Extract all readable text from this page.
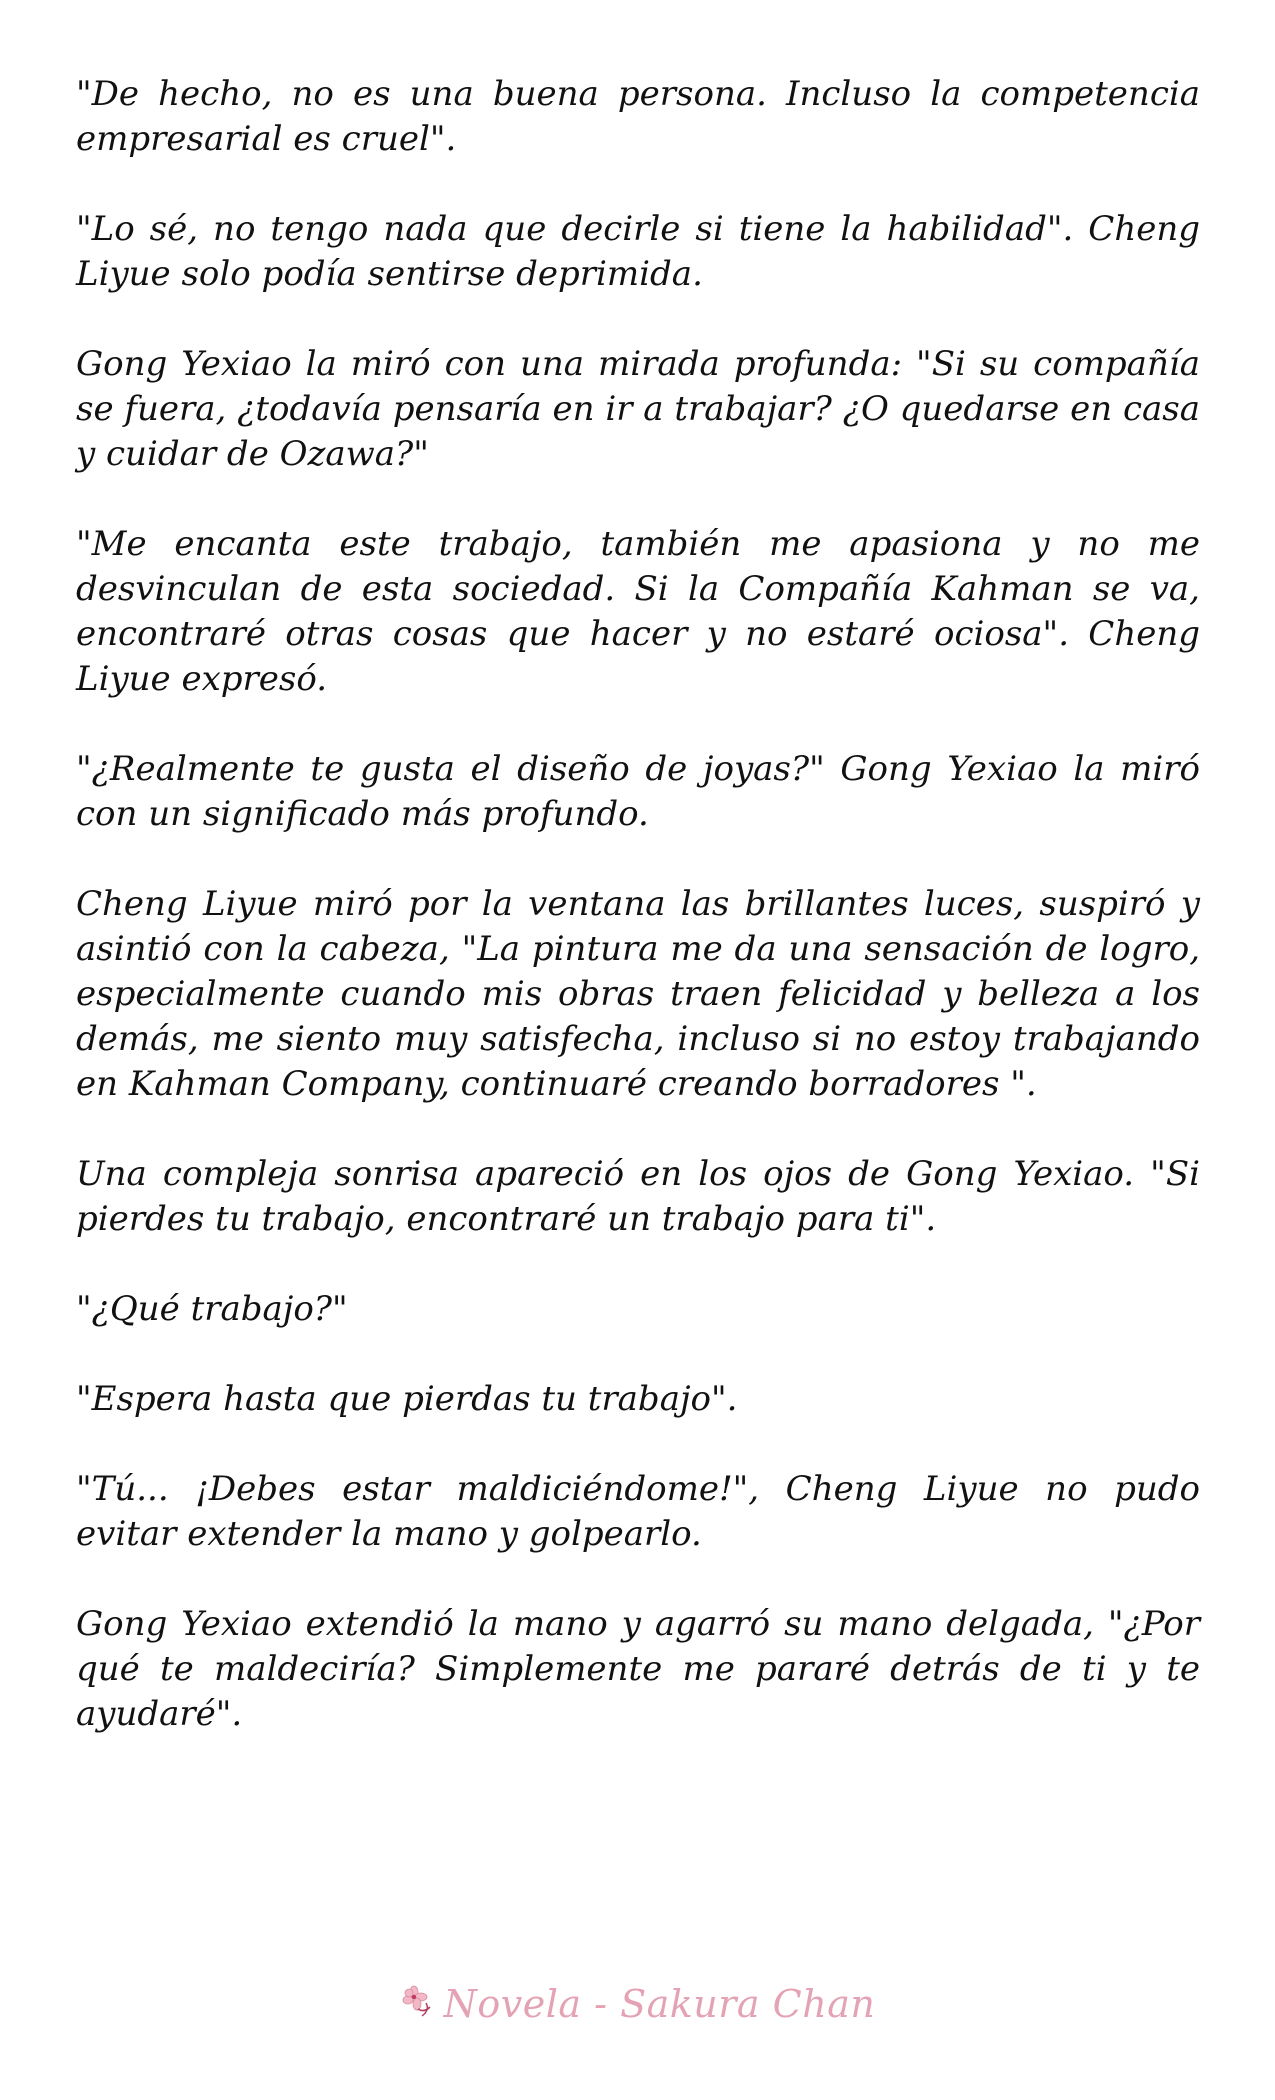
"De hecho, no es una buena persona. Incluso la competencia empresarial es cruel".

"Lo sé, no tengo nada que decirle si tiene la habilidad". Cheng Liyue solo podía sentirse deprimida.

Gong Yexiao la miró con una mirada profunda: "Si su compañía se fuera, ¿todavía pensaría en ir a trabajar? ¿O quedarse en casa y cuidar de Ozawa?"

"Me encanta este trabajo, también me apasiona y no me desvinculan de esta sociedad. Si la Compañía Kahman se va, encontraré otras cosas que hacer y no estaré ociosa". Cheng Liyue expresó.

"¿Realmente te gusta el diseño de joyas?" Gong Yexiao la miró con un significado más profundo.

Cheng Liyue miró por la ventana las brillantes luces, suspiró y asintió con la cabeza, "La pintura me da una sensación de logro, especialmente cuando mis obras traen felicidad y belleza a los demás, me siento muy satisfecha, incluso si no estoy trabajando en Kahman Company, continuaré creando borradores ".

Una compleja sonrisa apareció en los ojos de Gong Yexiao. "Si pierdes tu trabajo, encontraré un trabajo para ti".

"¿Qué trabajo?"

"Espera hasta que pierdas tu trabajo".

"Tú... ¡Debes estar maldiciéndome!", Cheng Liyue no pudo evitar extender la mano y golpearlo.

Gong Yexiao extendió la mano y agarró su mano delgada, "¿Por qué te maldeciría? Simplemente me pararé detrás de ti y te ayudaré".

Novela - Sakura Chan
